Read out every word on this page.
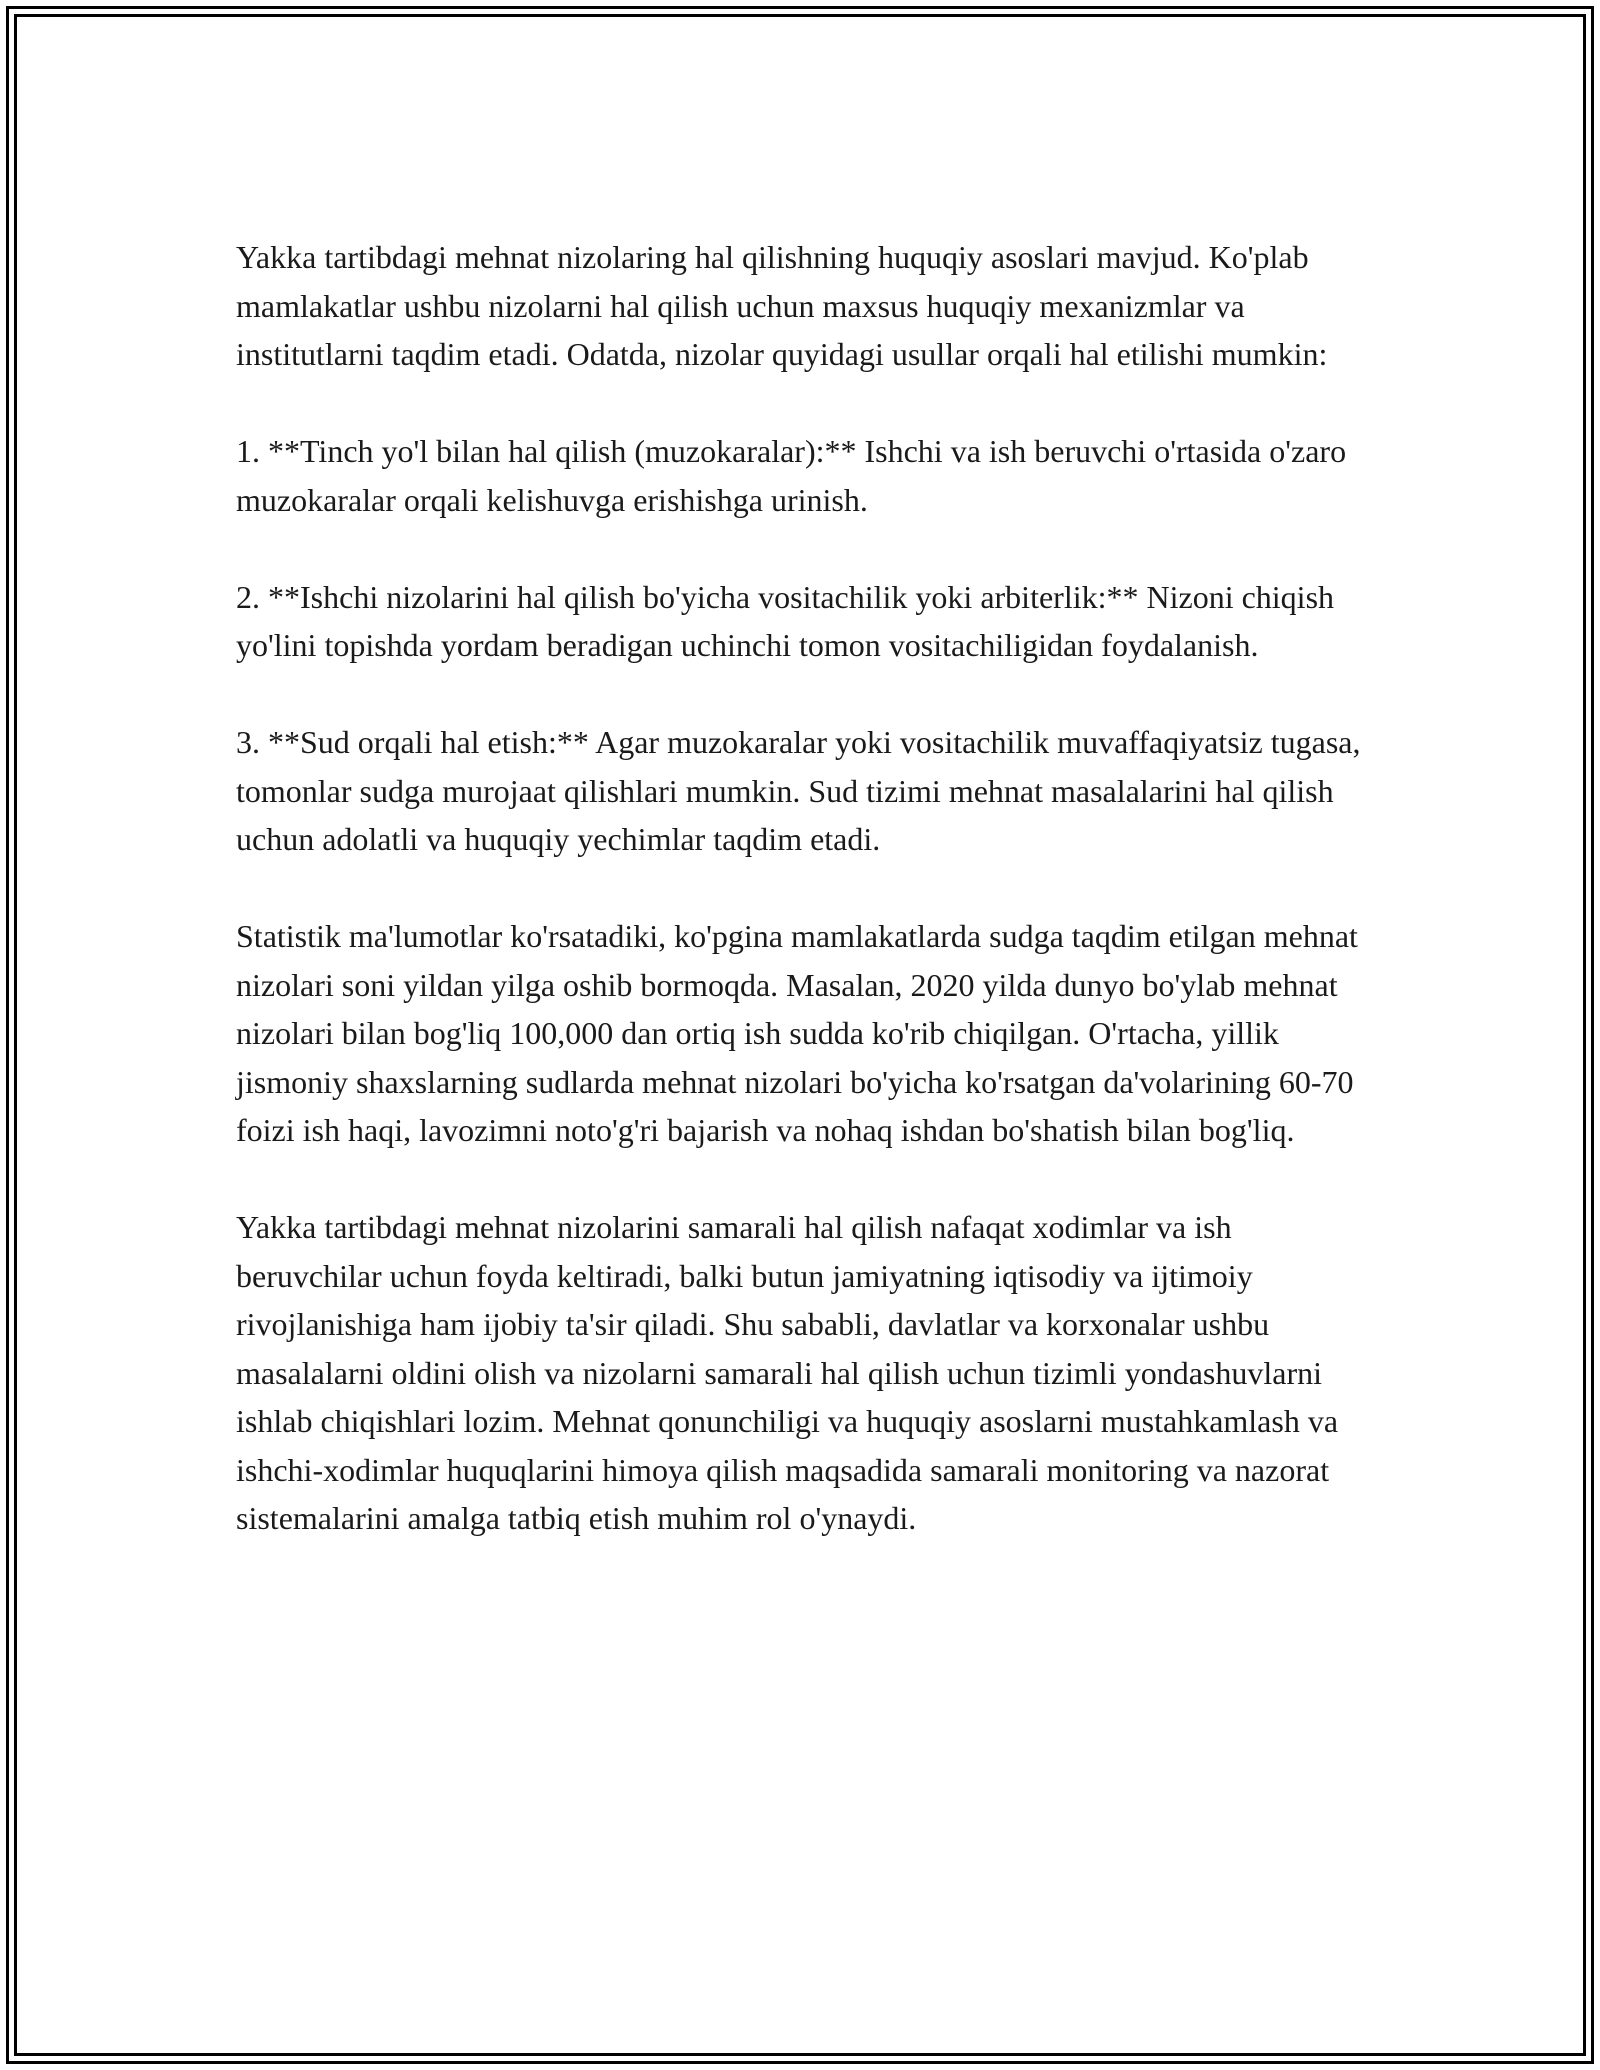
Yakka tartibdagi mehnat nizolaring hal qilishning huquqiy asoslari mavjud. Ko'plab mamlakatlar ushbu nizolarni hal qilish uchun maxsus huquqiy mexanizmlar va institutlarni taqdim etadi. Odatda, nizolar quyidagi usullar orqali hal etilishi mumkin:

1. **Tinch yo'l bilan hal qilish (muzokaralar):** Ishchi va ish beruvchi o'rtasida o'zaro muzokaralar orqali kelishuvga erishishga urinish.

2. **Ishchi nizolarini hal qilish bo'yicha vositachilik yoki arbiterlik:** Nizoni chiqish yo'lini topishda yordam beradigan uchinchi tomon vositachiligidan foydalanish.

3. **Sud orqali hal etish:** Agar muzokaralar yoki vositachilik muvaffaqiyatsiz tugasa, tomonlar sudga murojaat qilishlari mumkin. Sud tizimi mehnat masalalarini hal qilish uchun adolatli va huquqiy yechimlar taqdim etadi.

Statistik ma'lumotlar ko'rsatadiki, ko'pgina mamlakatlarda sudga taqdim etilgan mehnat nizolari soni yildan yilga oshib bormoqda. Masalan, 2020 yilda dunyo bo'ylab mehnat nizolari bilan bog'liq 100,000 dan ortiq ish sudda ko'rib chiqilgan. O'rtacha, yillik jismoniy shaxslarning sudlarda mehnat nizolari bo'yicha ko'rsatgan da'volarining 60-70 foizi ish haqi, lavozimni noto'g'ri bajarish va nohaq ishdan bo'shatish bilan bog'liq.

Yakka tartibdagi mehnat nizolarini samarali hal qilish nafaqat xodimlar va ish beruvchilar uchun foyda keltiradi, balki butun jamiyatning iqtisodiy va ijtimoiy rivojlanishiga ham ijobiy ta'sir qiladi. Shu sababli, davlatlar va korxonalar ushbu masalalarni oldini olish va nizolarni samarali hal qilish uchun tizimli yondashuvlarni ishlab chiqishlari lozim. Mehnat qonunchiligi va huquqiy asoslarni mustahkamlash va ishchi-xodimlar huquqlarini himoya qilish maqsadida samarali monitoring va nazorat sistemalarini amalga tatbiq etish muhim rol o'ynaydi.
